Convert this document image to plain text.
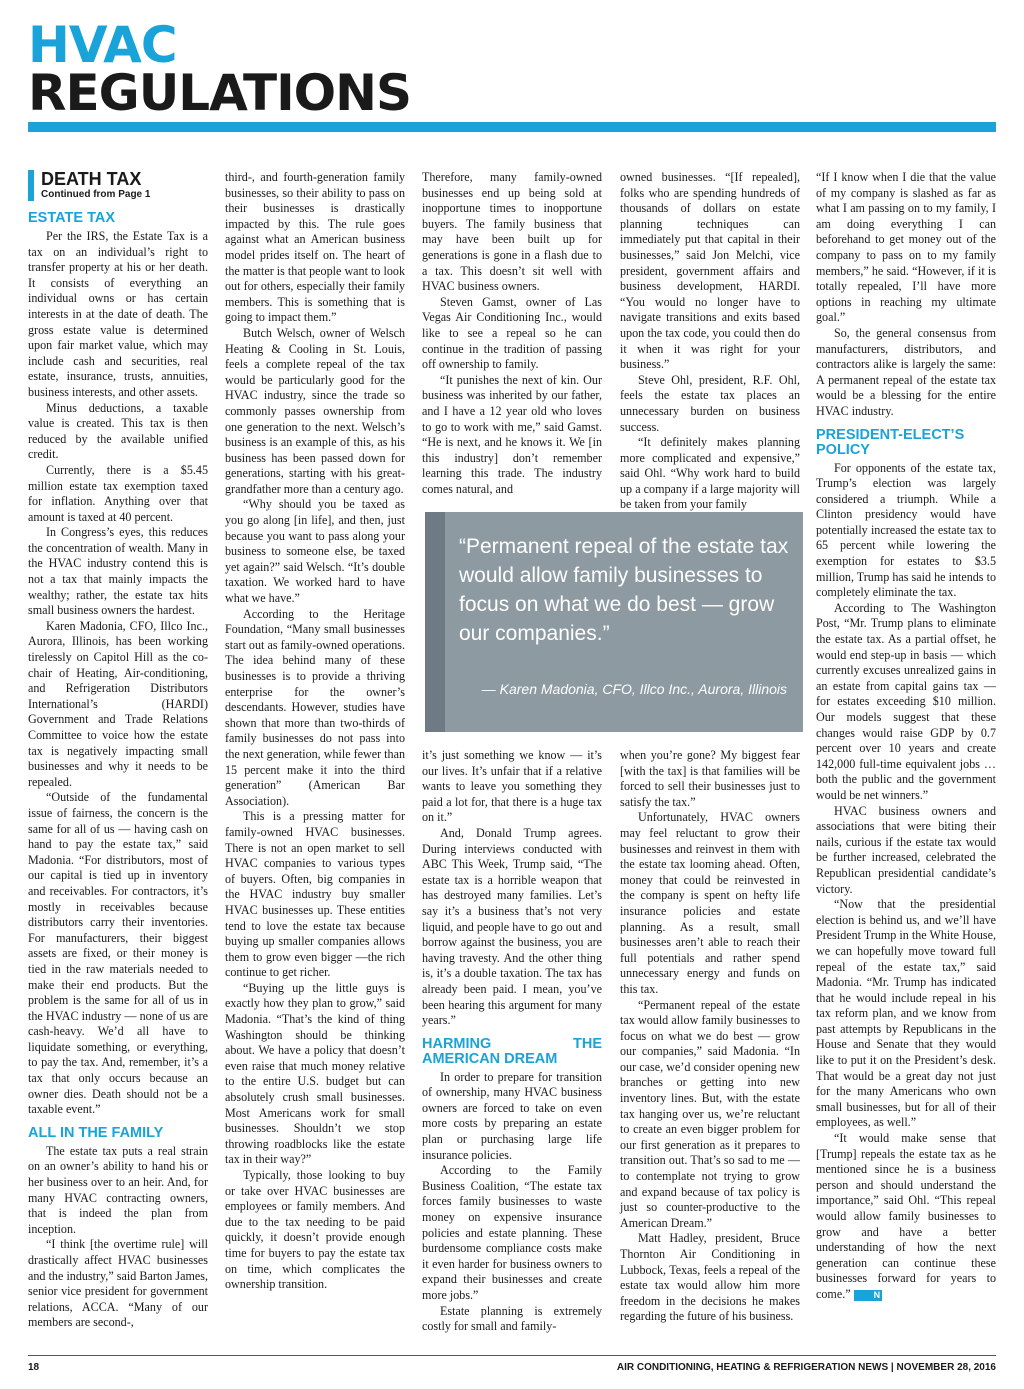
HVAC
REGULATIONS
DEATH TAX
Continued from Page 1
ESTATE TAX

Per the IRS, the Estate Tax is a tax on an individual’s right to transfer property at his or her death. It consists of everything an individual owns or has certain interests in at the date of death. The gross estate value is determined upon fair market value, which may include cash and securities, real estate, insurance, trusts, annuities, business interests, and other assets.

Minus deductions, a taxable value is created. This tax is then reduced by the available unified credit.

Currently, there is a $5.45 million estate tax exemption taxed for inflation. Anything over that amount is taxed at 40 percent.

In Congress’s eyes, this reduces the concentration of wealth. Many in the HVAC industry contend this is not a tax that mainly impacts the wealthy; rather, the estate tax hits small business owners the hardest.

Karen Madonia, CFO, Illco Inc., Aurora, Illinois, has been working tirelessly on Capitol Hill as the co-chair of Heating, Air-conditioning, and Refrigeration Distributors International’s (HARDI) Government and Trade Relations Committee to voice how the estate tax is negatively impacting small businesses and why it needs to be repealed.

“Outside of the fundamental issue of fairness, the concern is the same for all of us — having cash on hand to pay the estate tax,” said Madonia. “For distributors, most of our capital is tied up in inventory and receivables. For contractors, it’s mostly in receivables because distributors carry their inventories. For manufacturers, their biggest assets are fixed, or their money is tied in the raw materials needed to make their end products. But the problem is the same for all of us in the HVAC industry — none of us are cash-heavy. We’d all have to liquidate something, or everything, to pay the tax. And, remember, it’s a tax that only occurs because an owner dies. Death should not be a taxable event.”

ALL IN THE FAMILY

The estate tax puts a real strain on an owner’s ability to hand his or her business over to an heir. And, for many HVAC contracting owners, that is indeed the plan from inception.

“I think [the overtime rule] will drastically affect HVAC businesses and the industry,” said Barton James, senior vice president for government relations, ACCA. “Many of our members are second-,

third-, and fourth-generation family businesses, so their ability to pass on their businesses is drastically impacted by this. The rule goes against what an American business model prides itself on. The heart of the matter is that people want to look out for others, especially their family members. This is something that is going to impact them.”

Butch Welsch, owner of Welsch Heating & Cooling in St. Louis, feels a complete repeal of the tax would be particularly good for the HVAC industry, since the trade so commonly passes ownership from one generation to the next. Welsch’s business is an example of this, as his business has been passed down for generations, starting with his great-grandfather more than a century ago.

“Why should you be taxed as you go along [in life], and then, just because you want to pass along your business to someone else, be taxed yet again?” said Welsch. “It’s double taxation. We worked hard to have what we have.”

According to the Heritage Foundation, “Many small businesses start out as family-owned operations. The idea behind many of these businesses is to provide a thriving enterprise for the owner’s descendants. However, studies have shown that more than two-thirds of family businesses do not pass into the next generation, while fewer than 15 percent make it into the third generation” (American Bar Association).

This is a pressing matter for family-owned HVAC businesses. There is not an open market to sell HVAC companies to various types of buyers. Often, big companies in the HVAC industry buy smaller HVAC businesses up. These entities tend to love the estate tax because buying up smaller companies allows them to grow even bigger —the rich continue to get richer.

“Buying up the little guys is exactly how they plan to grow,” said Madonia. “That’s the kind of thing Washington should be thinking about. We have a policy that doesn’t even raise that much money relative to the entire U.S. budget but can absolutely crush small businesses. Most Americans work for small businesses. Shouldn’t we stop throwing roadblocks like the estate tax in their way?”

Typically, those looking to buy or take over HVAC businesses are employees or family members. And due to the tax needing to be paid quickly, it doesn’t provide enough time for buyers to pay the estate tax on time, which complicates the ownership transition.

Therefore, many family-owned businesses end up being sold at inopportune times to inopportune buyers. The family business that may have been built up for generations is gone in a flash due to a tax. This doesn’t sit well with HVAC business owners.

Steven Gamst, owner of Las Vegas Air Conditioning Inc., would like to see a repeal so he can continue in the tradition of passing off ownership to family.

“It punishes the next of kin. Our business was inherited by our father, and I have a 12 year old who loves to go to work with me,” said Gamst. “He is next, and he knows it. We [in this industry] don’t remember learning this trade. The industry comes natural, and

owned businesses. “[If repealed], folks who are spending hundreds of thousands of dollars on estate planning techniques can immediately put that capital in their businesses,” said Jon Melchi, vice president, government affairs and business development, HARDI. “You would no longer have to navigate transitions and exits based upon the tax code, you could then do it when it was right for your business.”

Steve Ohl, president, R.F. Ohl, feels the estate tax places an unnecessary burden on business success.

“It definitely makes planning more complicated and expensive,” said Ohl. “Why work hard to build up a company if a large majority will be taken from your family

“Permanent repeal of the estate tax would allow family businesses to focus on what we do best — grow our companies.”
— Karen Madonia, CFO, Illco Inc., Aurora, Illinois

it’s just something we know — it’s our lives. It’s unfair that if a relative wants to leave you something they paid a lot for, that there is a huge tax on it.”

And, Donald Trump agrees. During interviews conducted with ABC This Week, Trump said, “The estate tax is a horrible weapon that has destroyed many families. Let’s say it’s a business that’s not very liquid, and people have to go out and borrow against the business, you are having travesty. And the other thing is, it’s a double taxation. The tax has already been paid. I mean, you’ve been hearing this argument for many years.”

HARMING THE AMERICAN DREAM

In order to prepare for transition of ownership, many HVAC business owners are forced to take on even more costs by preparing an estate plan or purchasing large life insurance policies.

According to the Family Business Coalition, “The estate tax forces family businesses to waste money on expensive insurance policies and estate planning. These burdensome compliance costs make it even harder for business owners to expand their businesses and create more jobs.”

Estate planning is extremely costly for small and family-

when you’re gone? My biggest fear [with the tax] is that families will be forced to sell their businesses just to satisfy the tax.”

Unfortunately, HVAC owners may feel reluctant to grow their businesses and reinvest in them with the estate tax looming ahead. Often, money that could be reinvested in the company is spent on hefty life insurance policies and estate planning. As a result, small businesses aren’t able to reach their full potentials and rather spend unnecessary energy and funds on this tax.

“Permanent repeal of the estate tax would allow family businesses to focus on what we do best — grow our companies,” said Madonia. “In our case, we’d consider opening new branches or getting into new inventory lines. But, with the estate tax hanging over us, we’re reluctant to create an even bigger problem for our first generation as it prepares to transition out. That’s so sad to me — to contemplate not trying to grow and expand because of tax policy is just so counter-productive to the American Dream.”

Matt Hadley, president, Bruce Thornton Air Conditioning in Lubbock, Texas, feels a repeal of the estate tax would allow him more freedom in the decisions he makes regarding the future of his business.

“If I know when I die that the value of my company is slashed as far as what I am passing on to my family, I am doing everything I can beforehand to get money out of the company to pass on to my family members,” he said. “However, if it is totally repealed, I’ll have more options in reaching my ultimate goal.”

So, the general consensus from manufacturers, distributors, and contractors alike is largely the same: A permanent repeal of the estate tax would be a blessing for the entire HVAC industry.

PRESIDENT-ELECT’S POLICY

For opponents of the estate tax, Trump’s election was largely considered a triumph. While a Clinton presidency would have potentially increased the estate tax to 65 percent while lowering the exemption for estates to $3.5 million, Trump has said he intends to completely eliminate the tax.

According to The Washington Post, “Mr. Trump plans to eliminate the estate tax. As a partial offset, he would end step-up in basis — which currently excuses unrealized gains in an estate from capital gains tax — for estates exceeding $10 million. Our models suggest that these changes would raise GDP by 0.7 percent over 10 years and create 142,000 full-time equivalent jobs … both the public and the government would be net winners.”

HVAC business owners and associations that were biting their nails, curious if the estate tax would be further increased, celebrated the Republican presidential candidate’s victory.

“Now that the presidential election is behind us, and we’ll have President Trump in the White House, we can hopefully move toward full repeal of the estate tax,” said Madonia. “Mr. Trump has indicated that he would include repeal in his tax reform plan, and we know from past attempts by Republicans in the House and Senate that they would like to put it on the President’s desk. That would be a great day not just for the many Americans who own small businesses, but for all of their employees, as well.”

“It would make sense that [Trump] repeals the estate tax as he mentioned since he is a business person and should understand the importance,” said Ohl. “This repeal would allow family businesses to grow and have a better understanding of how the next generation can continue these businesses forward for years to come.”	N

18	AIR CONDITIONING, HEATING & REFRIGERATION NEWS | NOVEMBER 28, 2016
